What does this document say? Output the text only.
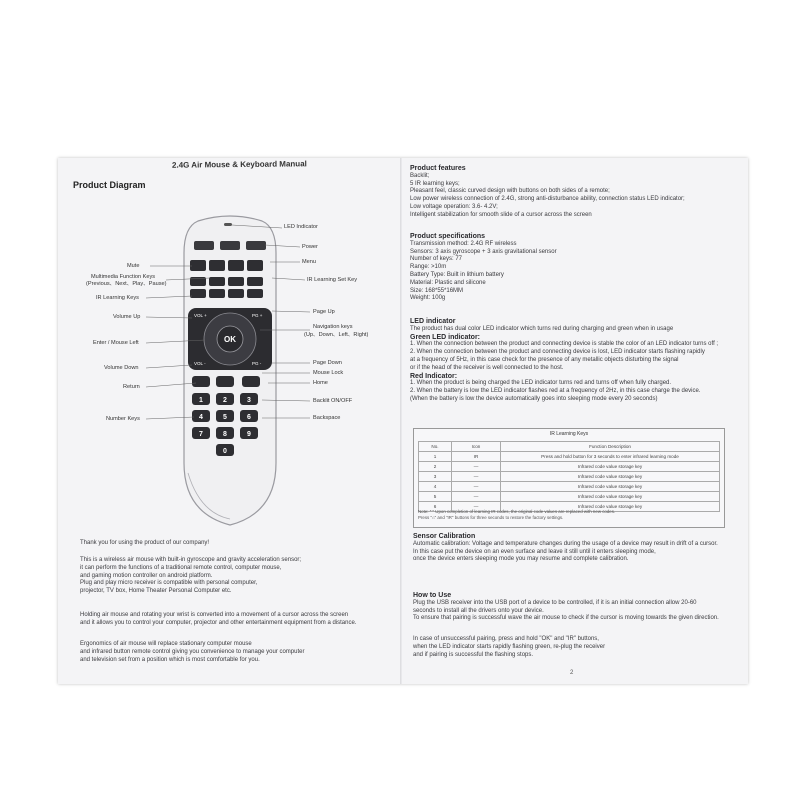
2.4G Air Mouse & Keyboard Manual
Product Diagram
OK
VOL +	PG +
VOL -	PG -
1	2	3
4	5	6
7	8	9
0
LED Indicator
Power
Mute
Menu
Multimedia Function Keys
(Previous、Next、Play、Pause)
IR Learning Set Key
IR Learning Keys
Volume Up
Page Up
Navigation keys
(Up、Down、Left、Right)
Enter / Mouse Left
Volume Down
Page Down
Mouse Lock
Return
Home
Backlit ON/OFF
Number Keys	Backspace
Thank you for using the product of our company!
This is a wireless air mouse with built-in gyroscope and gravity acceleration sensor;
it can perform the functions of a traditional remote control, computer mouse,
and gaming motion controller on android platform.
Plug and play micro receiver is compatible with personal computer,
projector, TV box, Home Theater Personal Computer etc.
Holding air mouse and rotating your wrist is converted into a movement of a cursor across the screen
and it allows you to control your computer, projector and other entertainment equipment from a distance.
Ergonomics of air mouse will replace stationary computer mouse
and infrared button remote control giving you convenience to manage your computer
and television set from a position which is most comfortable for you.
Product features
Backlit;
5 IR learning keys;
Pleasant feel, classic curved design with buttons on both sides of a remote;
Low power wireless connection of 2.4G, strong anti-disturbance ability, connection status LED indicator;
Low voltage operation: 3.6- 4.2V;
Intelligent stabilization for smooth slide of a cursor across the screen
Product specifications
Transmission method: 2.4G RF wireless
Sensors: 3 axis gyroscope + 3 axis gravitational sensor
Number of keys: 77
Range: >10m
Battery Type: Built in lithium battery
Material: Plastic and silicone
Size: 168*55*16MM
Weight: 100g
LED indicator
The product has dual color LED indicator which turns red during charging and green when in usage
Green LED indicator:
1. When the connection between the product and connecting device is stable the color of an LED indicator turns off ;
2. When the connection between the product and connecting device is lost, LED indicator starts flashing rapidly
at a frequency of 5Hz, in this case check for the presence of any metallic objects disturbing the signal
or if the head of the receiver is well connected to the host.
Red Indicator:
1. When the product is being charged the LED indicator turns red and turns off when fully charged.
2. When the battery is low the LED indicator flashes red at a frequency of 2Hz, in this case charge the device.
(When the battery is low the device automatically goes into sleeping mode every 20 seconds)
IR Learning Keys
No.	Icon	Function Description
1	IR	Press and hold button for 3 seconds to enter infrared learning mode
2	—	Infrared code value storage key
3	—	Infrared code value storage key
4	—	Infrared code value storage key
5	—	Infrared code value storage key
6	—	Infrared code value storage key
Note: " " Upon completion of learning IR codes, the original code values are replaced with new codes.
Press "⌂" and "IR" buttons for three seconds to restore the factory settings.
Sensor Calibration
Automatic calibration: Voltage and temperature changes during the usage of a device may result in drift of a cursor.
In this case put the device on an even surface and leave it still until it enters sleeping mode,
once the device enters sleeping mode you may resume and complete calibration.
How to Use
Plug the USB receiver into the USB port of a device to be controlled, if it is an initial connection allow 20-60
seconds to install all the drivers onto your device.
To ensure that pairing is successful wave the air mouse to check if the cursor is moving towards the given direction.
In case of unsuccessful pairing, press and hold "OK" and "IR" buttons,
when the LED indicator starts rapidly flashing green, re-plug the receiver
and if pairing is successful the flashing stops.
2
